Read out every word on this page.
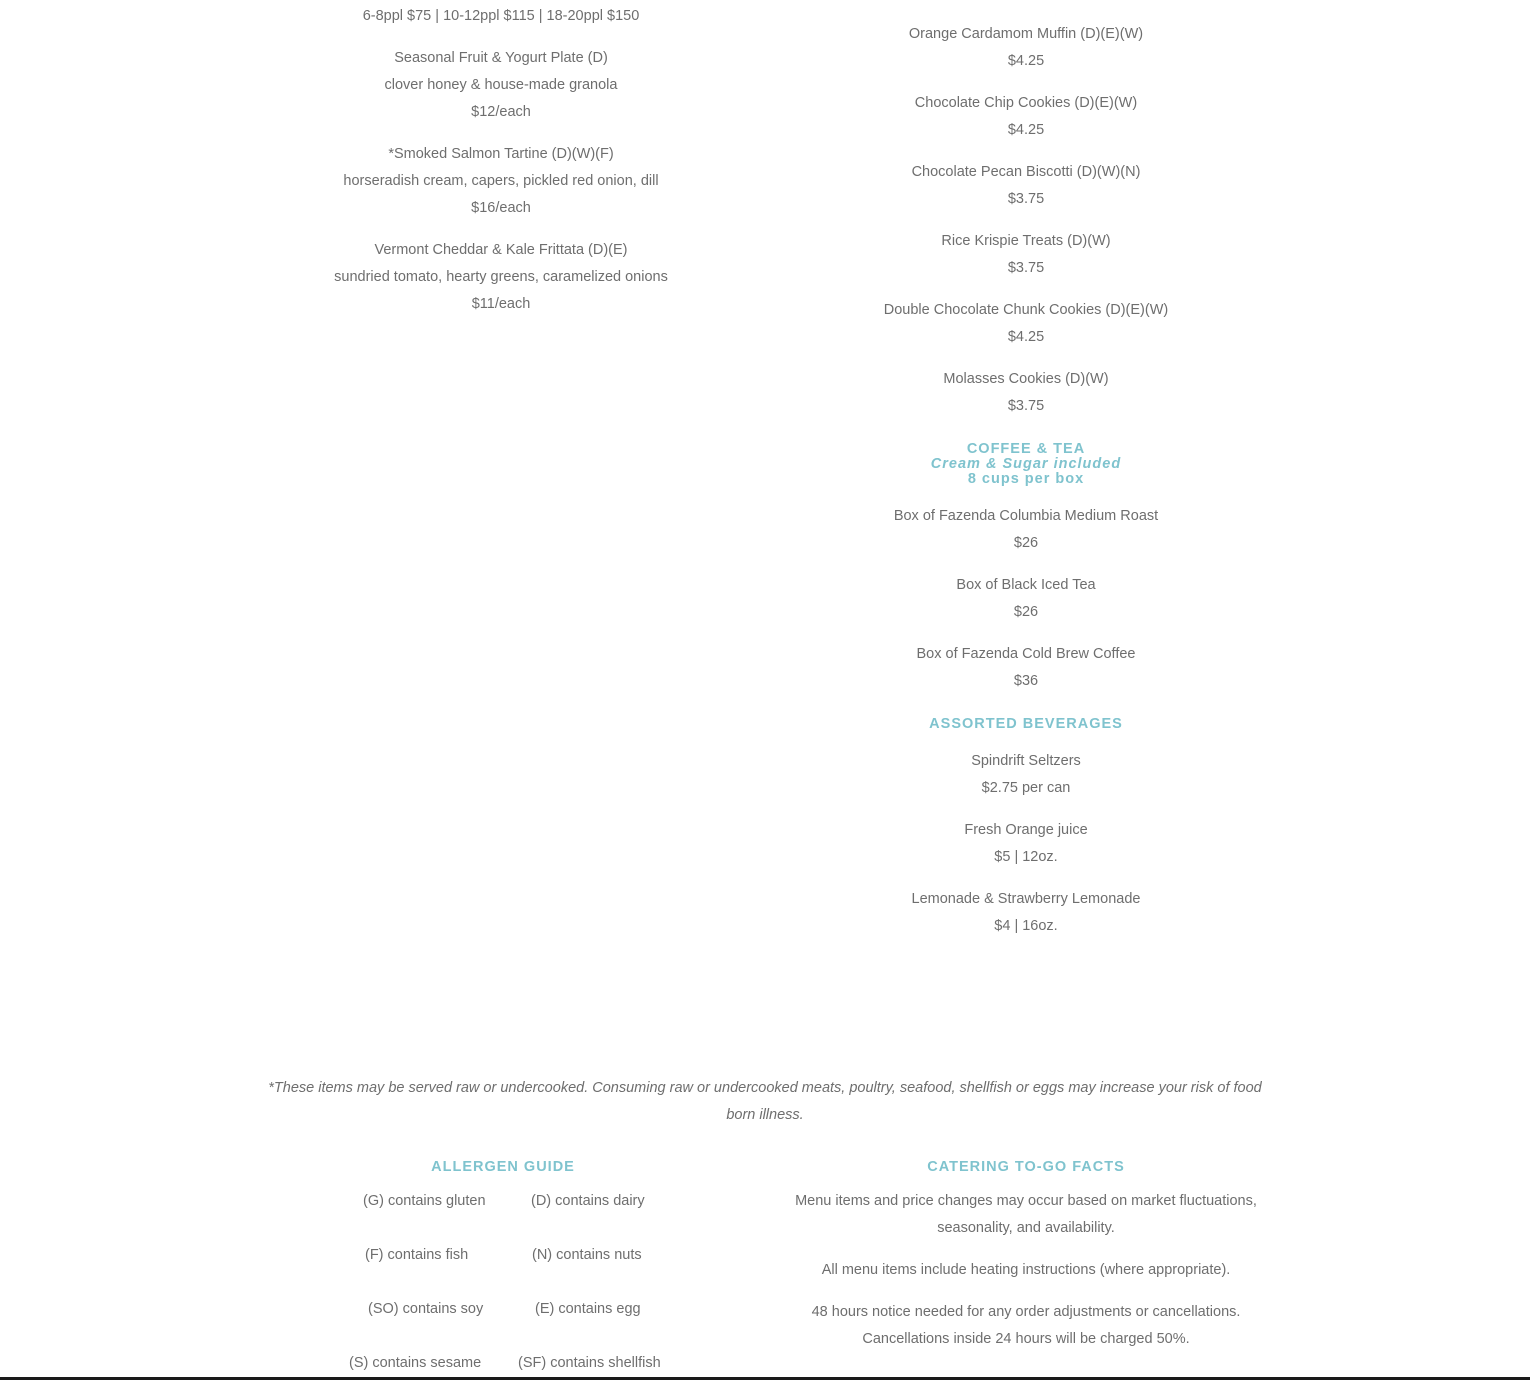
6-8ppl $75 | 10-12ppl $115 | 18-20ppl $150
Seasonal Fruit & Yogurt Plate (D)
clover honey & house-made granola
$12/each
*Smoked Salmon Tartine (D)(W)(F)
horseradish cream, capers, pickled red onion, dill
$16/each
Vermont Cheddar & Kale Frittata (D)(E)
sundried tomato, hearty greens, caramelized onions
$11/each
Orange Cardamom Muffin (D)(E)(W)
$4.25
Chocolate Chip Cookies (D)(E)(W)
$4.25
Chocolate Pecan Biscotti (D)(W)(N)
$3.75
Rice Krispie Treats (D)(W)
$3.75
Double Chocolate Chunk Cookies (D)(E)(W)
$4.25
Molasses Cookies (D)(W)
$3.75
COFFEE & TEA
Cream & Sugar included
8 cups per box
Box of Fazenda Columbia Medium Roast
$26
Box of Black Iced Tea
$26
Box of Fazenda Cold Brew Coffee
$36
ASSORTED BEVERAGES
Spindrift Seltzers
$2.75 per can
Fresh Orange juice
$5 | 12oz.
Lemonade & Strawberry Lemonade
$4 | 16oz.
*These items may be served raw or undercooked. Consuming raw or undercooked meats, poultry, seafood, shellfish or eggs may increase your risk of food born illness.
ALLERGEN GUIDE
(G) contains gluten	(D) contains dairy
(F) contains fish	(N) contains nuts
(SO) contains soy	(E) contains egg
(S) contains sesame	(SF) contains shellfish
CATERING TO-GO FACTS
Menu items and price changes may occur based on market fluctuations, seasonality, and availability.
All menu items include heating instructions (where appropriate).
48 hours notice needed for any order adjustments or cancellations. Cancellations inside 24 hours will be charged 50%.
